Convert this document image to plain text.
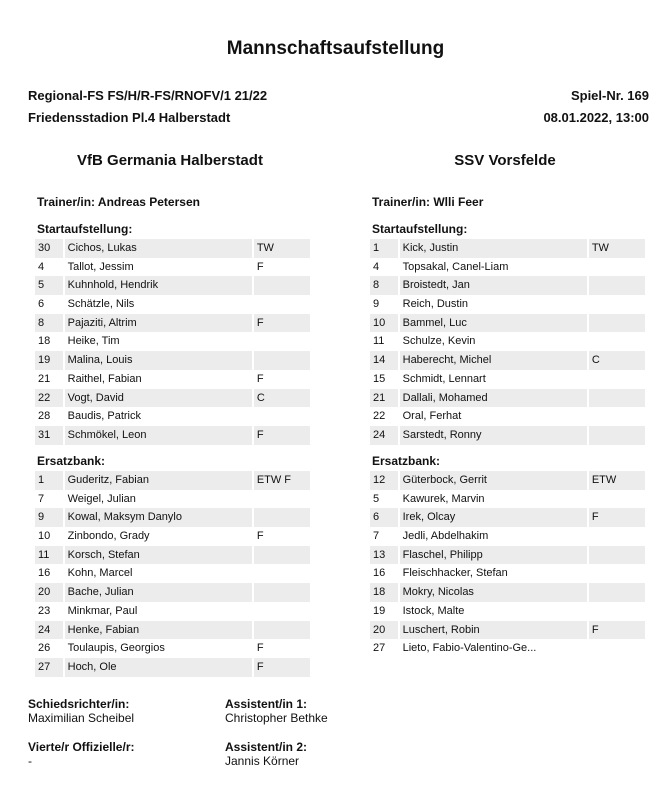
Mannschaftsaufstellung
Regional-FS FS/H/R-FS/RNOFV/1 21/22
Friedensstadion Pl.4 Halberstadt
Spiel-Nr. 169
08.01.2022, 13:00
VfB Germania Halberstadt	SSV Vorsfelde
Trainer/in: Andreas Petersen	Trainer/in: Wlli Feer
Startaufstellung:	Startaufstellung:
30	Cichos, Lukas	TW
4	Tallot, Jessim	F
5	Kuhnhold, Hendrik
6	Schätzle, Nils
8	Pajaziti, Altrim	F
18	Heike, Tim
19	Malina, Louis
21	Raithel, Fabian	F
22	Vogt, David	C
28	Baudis, Patrick
31	Schmökel, Leon	F
1	Kick, Justin	TW
4	Topsakal, Canel-Liam
8	Broistedt, Jan
9	Reich, Dustin
10	Bammel, Luc
11	Schulze, Kevin
14	Haberecht, Michel	C
15	Schmidt, Lennart
21	Dallali, Mohamed
22	Oral, Ferhat
24	Sarstedt, Ronny
Ersatzbank:	Ersatzbank:
1	Guderitz, Fabian	ETW F
7	Weigel, Julian
9	Kowal, Maksym Danylo
10	Zinbondo, Grady	F
11	Korsch, Stefan
16	Kohn, Marcel
20	Bache, Julian
23	Minkmar, Paul
24	Henke, Fabian
26	Toulaupis, Georgios	F
27	Hoch, Ole	F
12	Güterbock, Gerrit	ETW
5	Kawurek, Marvin
6	Irek, Olcay	F
7	Jedli, Abdelhakim
13	Flaschel, Philipp
16	Fleischhacker, Stefan
18	Mokry, Nicolas
19	Istock, Malte
20	Luschert, Robin	F
27	Lieto, Fabio-Valentino-Ge...
Schiedsrichter/in:
Maximilian Scheibel
Assistent/in 1:
Christopher Bethke
Vierte/r Offizielle/r:
-
Assistent/in 2:
Jannis Körner
